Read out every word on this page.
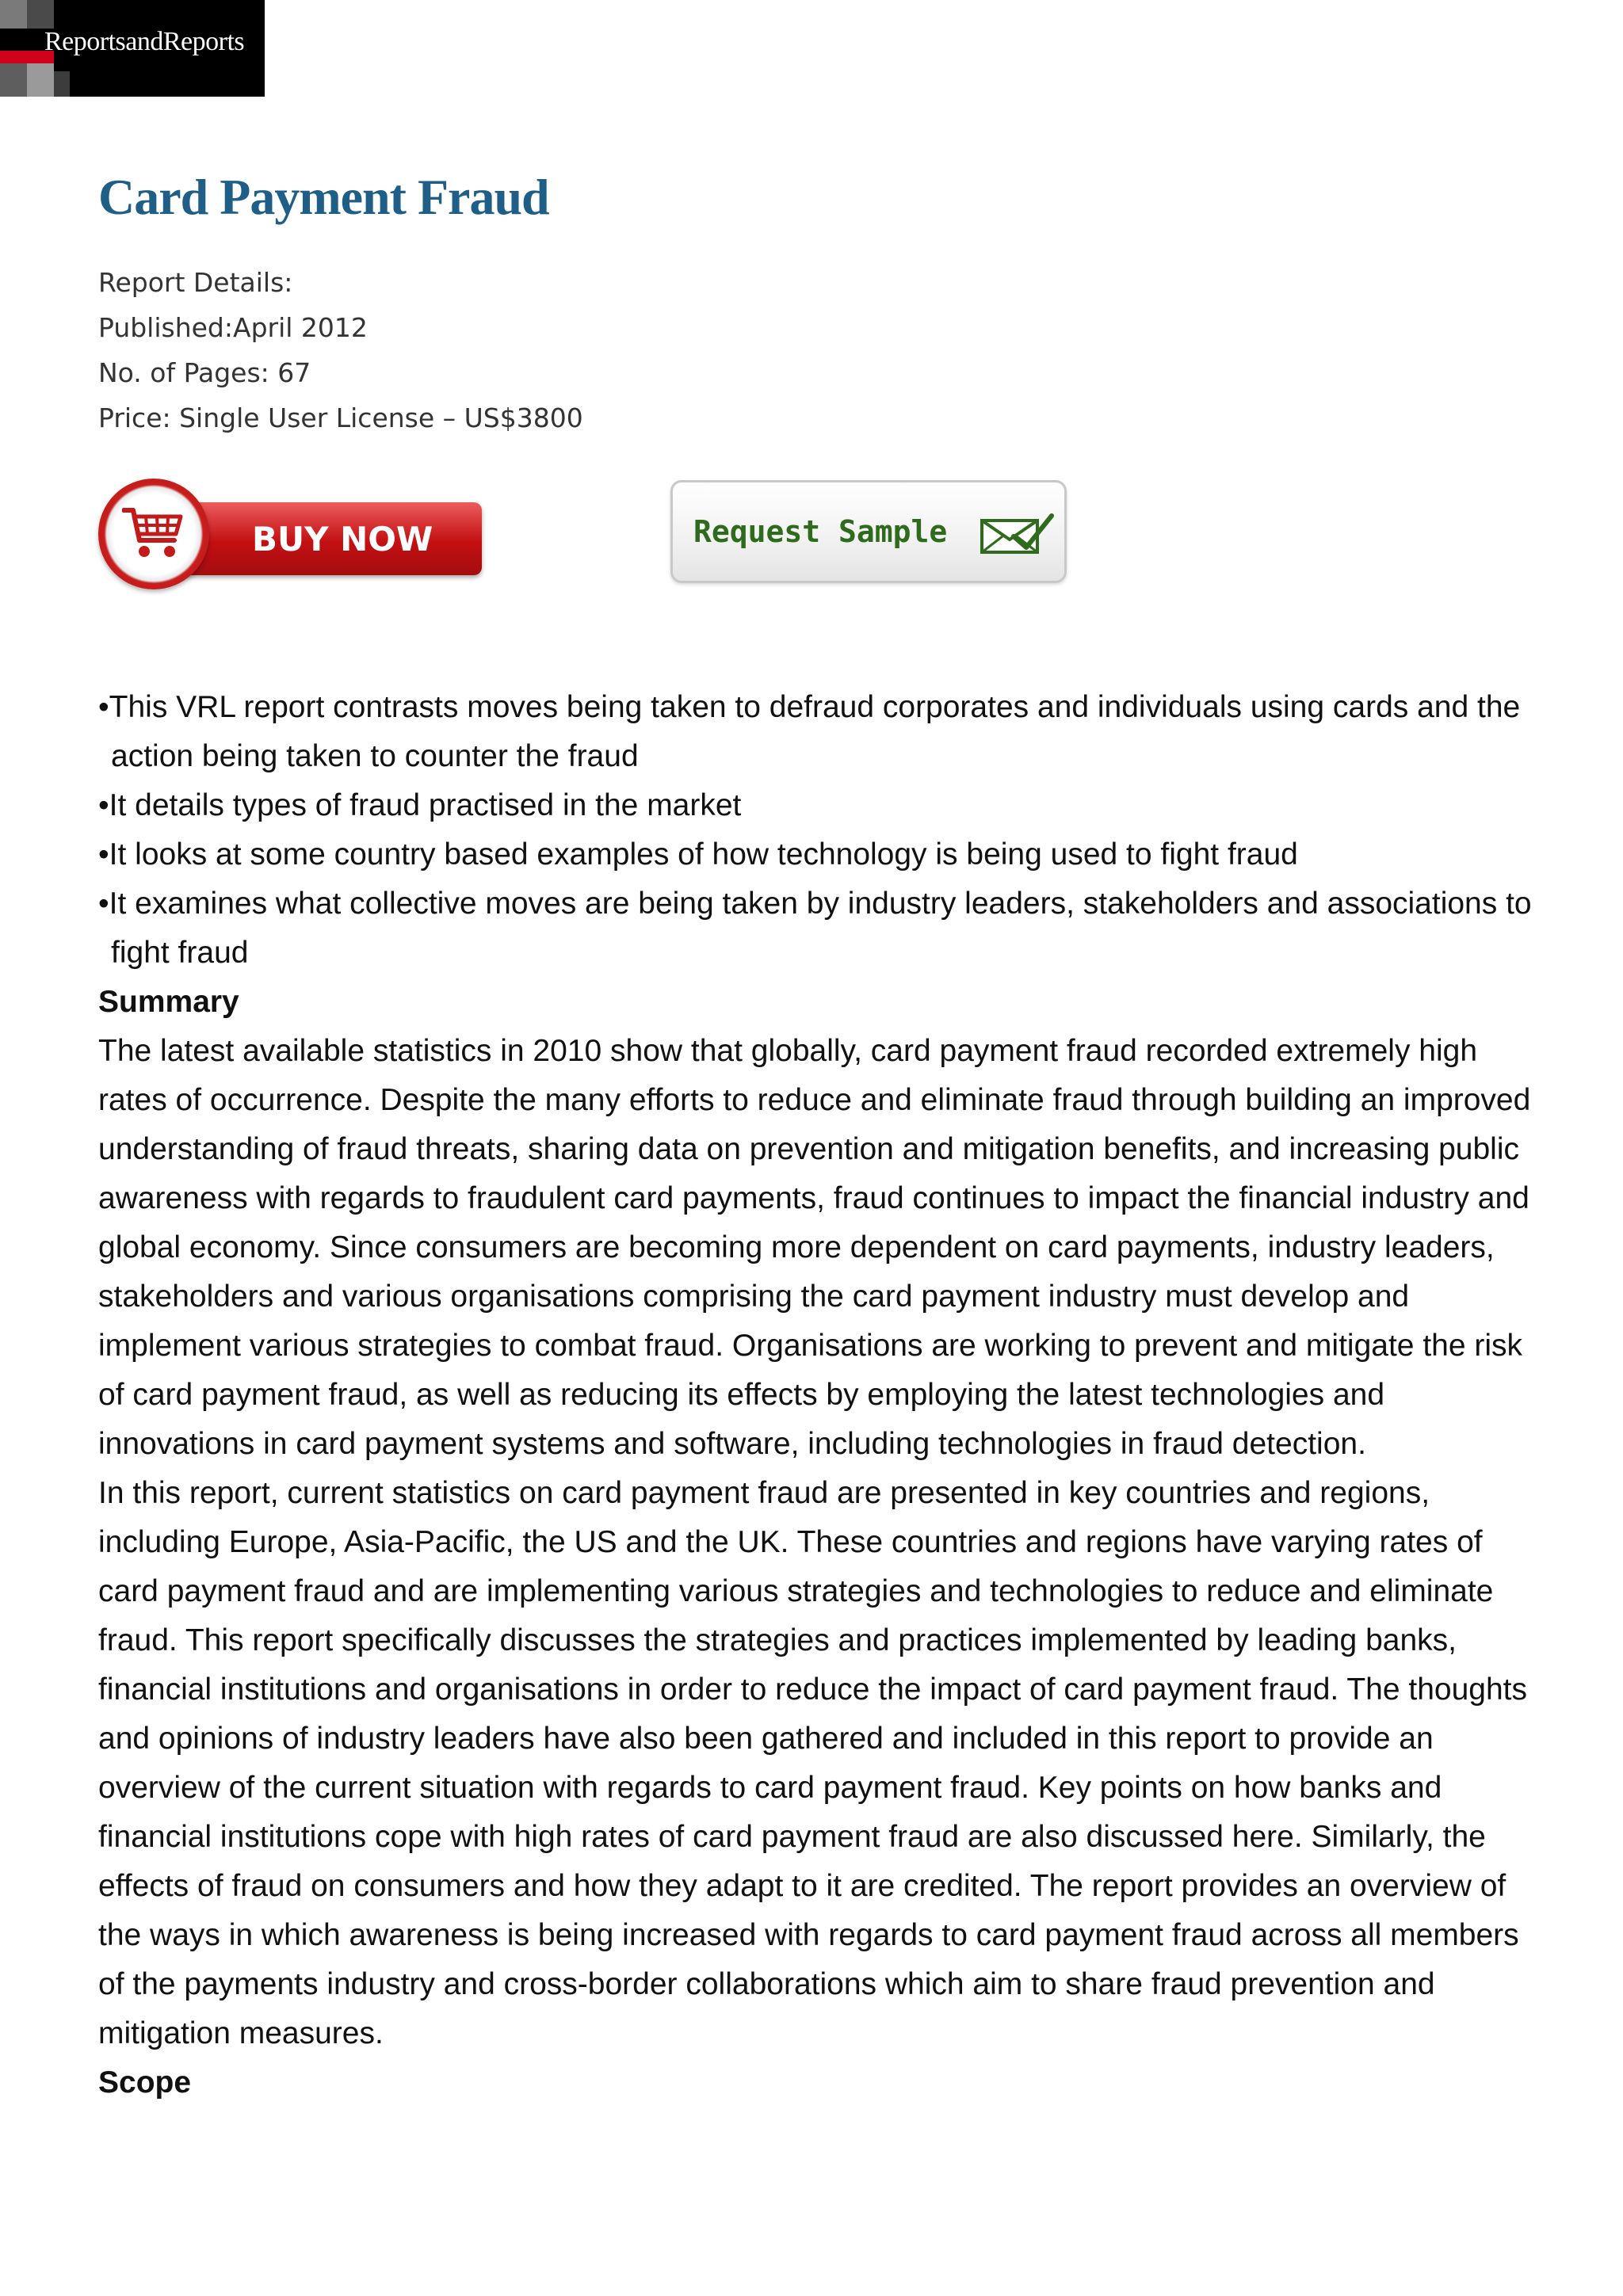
ReportsandReports
Card Payment Fraud
Report Details:
Published:April 2012
No. of Pages: 67
Price: Single User License – US$3800
BUY NOW	Request Sample

•This VRL report contrasts moves being taken to defraud corporates and individuals using cards and the action being taken to counter the fraud

•It details types of fraud practised in the market

•It looks at some country based examples of how technology is being used to fight fraud

•It examines what collective moves are being taken by industry leaders, stakeholders and associations to fight fraud

Summary

The latest available statistics in 2010 show that globally, card payment fraud recorded extremely high rates of occurrence. Despite the many efforts to reduce and eliminate fraud through building an improved understanding of fraud threats, sharing data on prevention and mitigation benefits, and increasing public awareness with regards to fraudulent card payments, fraud continues to impact the financial industry and global economy. Since consumers are becoming more dependent on card payments, industry leaders, stakeholders and various organisations comprising the card payment industry must develop and implement various strategies to combat fraud. Organisations are working to prevent and mitigate the risk of card payment fraud, as well as reducing its effects by employing the latest technologies and innovations in card payment systems and software, including technologies in fraud detection.

In this report, current statistics on card payment fraud are presented in key countries and regions, including Europe, Asia-Pacific, the US and the UK. These countries and regions have varying rates of card payment fraud and are implementing various strategies and technologies to reduce and eliminate fraud. This report specifically discusses the strategies and practices implemented by leading banks, financial institutions and organisations in order to reduce the impact of card payment fraud. The thoughts and opinions of industry leaders have also been gathered and included in this report to provide an overview of the current situation with regards to card payment fraud. Key points on how banks and financial institutions cope with high rates of card payment fraud are also discussed here. Similarly, the effects of fraud on consumers and how they adapt to it are credited. The report provides an overview of the ways in which awareness is being increased with regards to card payment fraud across all members of the payments industry and cross-border collaborations which aim to share fraud prevention and mitigation measures.

Scope
